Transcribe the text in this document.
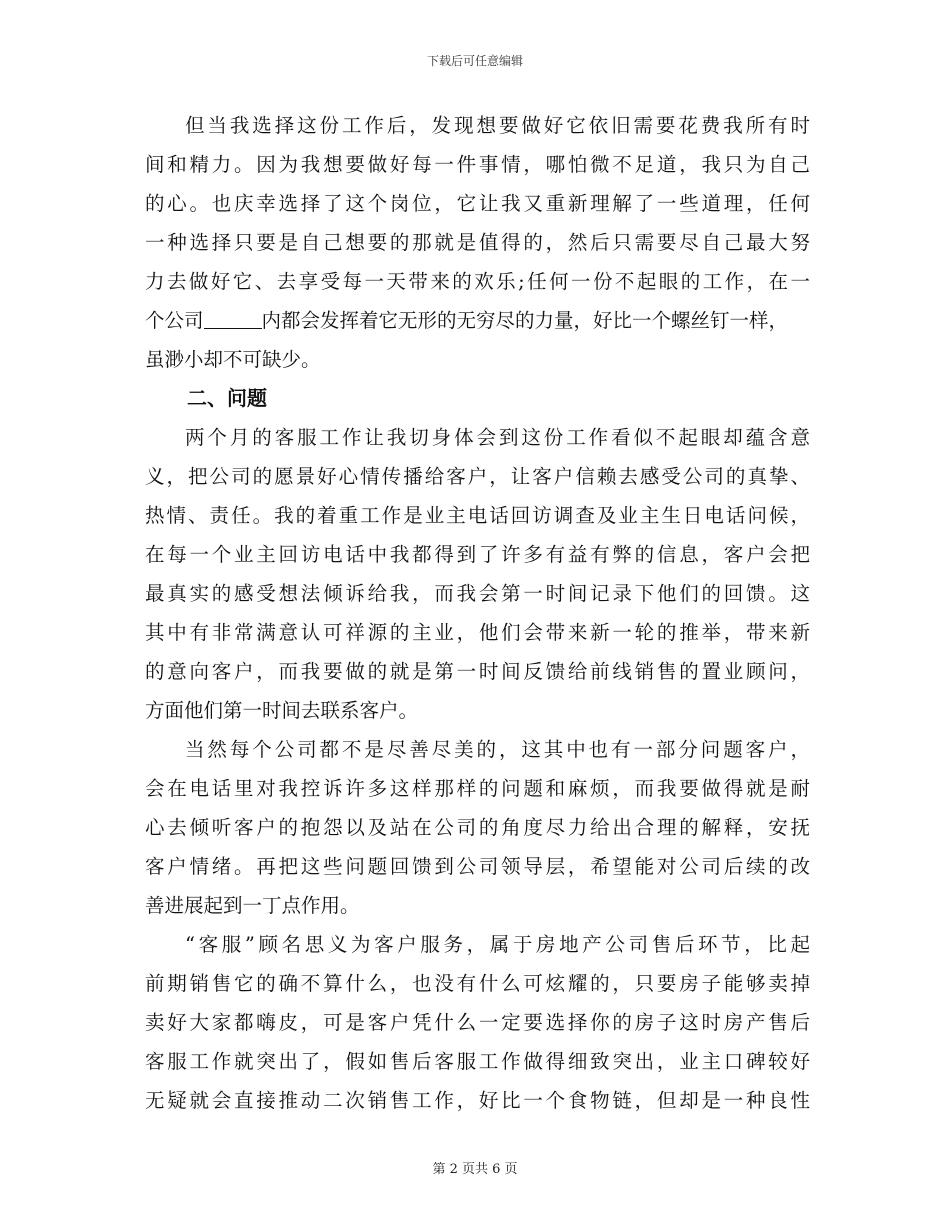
下载后可任意编辑
但当我选择这份工作后，发现想要做好它依旧需要花费我所有时
间和精力。因为我想要做好每一件事情，哪怕微不足道，我只为自己
的心。也庆幸选择了这个岗位，它让我又重新理解了一些道理，任何
一种选择只要是自己想要的那就是值得的，然后只需要尽自己最大努
力去做好它、去享受每一天带来的欢乐;任何一份不起眼的工作，在一
个公司	内都会发挥着它无形的无穷尽的力量，好比一个螺丝钉一样，
虽渺小却不可缺少。
二、问题
两个月的客服工作让我切身体会到这份工作看似不起眼却蕴含意
义，把公司的愿景好心情传播给客户，让客户信赖去感受公司的真挚、
热情、责任。我的着重工作是业主电话回访调查及业主生日电话问候，
在每一个业主回访电话中我都得到了许多有益有弊的信息，客户会把
最真实的感受想法倾诉给我，而我会第一时间记录下他们的回馈。这
其中有非常满意认可祥源的主业，他们会带来新一轮的推举，带来新
的意向客户，而我要做的就是第一时间反馈给前线销售的置业顾问，
方面他们第一时间去联系客户。
当然每个公司都不是尽善尽美的，这其中也有一部分问题客户，
会在电话里对我控诉许多这样那样的问题和麻烦，而我要做得就是耐
心去倾听客户的抱怨以及站在公司的角度尽力给出合理的解释，安抚
客户情绪。再把这些问题回馈到公司领导层，希望能对公司后续的改
善进展起到一丁点作用。
“客服”顾名思义为客户服务，属于房地产公司售后环节，比起
前期销售它的确不算什么，也没有什么可炫耀的，只要房子能够卖掉
卖好大家都嗨皮，可是客户凭什么一定要选择你的房子这时房产售后
客服工作就突出了，假如售后客服工作做得细致突出，业主口碑较好
无疑就会直接推动二次销售工作，好比一个食物链，但却是一种良性
第 2 页共 6 页
